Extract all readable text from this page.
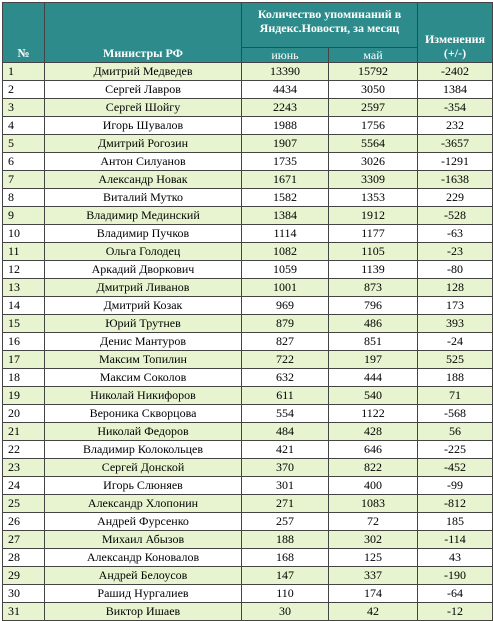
№	Министры РФ	Количество упоминаний в Яндекс.Новости, за месяц		Изменения (+/-)
		июнь	май	
1	Дмитрий Медведев	13390	15792	-2402
2	Сергей Лавров	4434	3050	1384
3	Сергей Шойгу	2243	2597	-354
4	Игорь Шувалов	1988	1756	232
5	Дмитрий Рогозин	1907	5564	-3657
6	Антон Силуанов	1735	3026	-1291
7	Александр Новак	1671	3309	-1638
8	Виталий Мутко	1582	1353	229
9	Владимир Мединский	1384	1912	-528
10	Владимир Пучков	1114	1177	-63
11	Ольга Голодец	1082	1105	-23
12	Аркадий Дворкович	1059	1139	-80
13	Дмитрий Ливанов	1001	873	128
14	Дмитрий Козак	969	796	173
15	Юрий Трутнев	879	486	393
16	Денис Мантуров	827	851	-24
17	Максим Топилин	722	197	525
18	Максим Соколов	632	444	188
19	Николай Никифоров	611	540	71
20	Вероника Скворцова	554	1122	-568
21	Николай Федоров	484	428	56
22	Владимир Колокольцев	421	646	-225
23	Сергей Донской	370	822	-452
24	Игорь Слюняев	301	400	-99
25	Александр Хлопонин	271	1083	-812
26	Андрей Фурсенко	257	72	185
27	Михаил Абызов	188	302	-114
28	Александр Коновалов	168	125	43
29	Андрей Белоусов	147	337	-190
30	Рашид Нургалиев	110	174	-64
31	Виктор Ишаев	30	42	-12
